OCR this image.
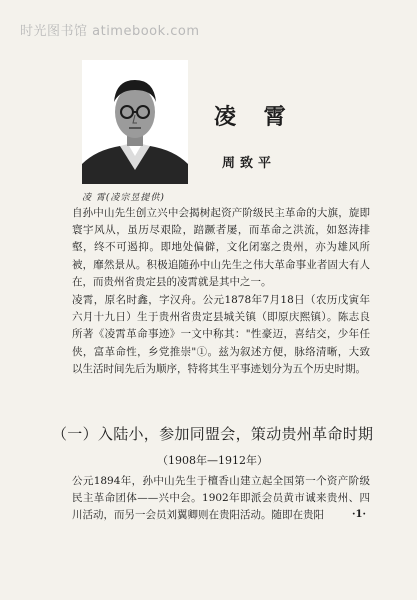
时光图书馆 atimebook.com
凌 霄
周致平
凌 霄(凌宗昱提供)

自孙中山先生创立兴中会揭树起资产阶级民主革命的大旗，旋即寰宇风从，虽历尽艰险，踣蹶者屡，而革命之洪流，如怒涛排壑，终不可遏抑。即地处偏僻，文化闭塞之贵州，亦为雄风所被，靡然景从。积极追随孙中山先生之伟大革命事业者固大有人在，而贵州省贵定县的凌霄就是其中之一。

凌霄，原名时鑫，字汉舟。公元1878年7月18日（农历戊寅年六月十九日）生于贵州省贵定县城关镇（即原庆熙镇）。陈志良所著《凌霄革命事迹》一文中称其："性豪迈，喜结交，少年任侠，富革命性，乡党推崇"①。兹为叙述方便，脉络清晰，大致以生活时间先后为顺序，特将其生平事迹划分为五个历史时期。

（一）入陆小，参加同盟会，策动贵州革命时期
（1908年—1912年）

公元1894年，孙中山先生于檀香山建立起全国第一个资产阶级民主革命团体——兴中会。1902年即派会员黄市诚来贵州、四川活动，而另一会员刘翼卿则在贵阳活动。随即在贵阳	·1·
